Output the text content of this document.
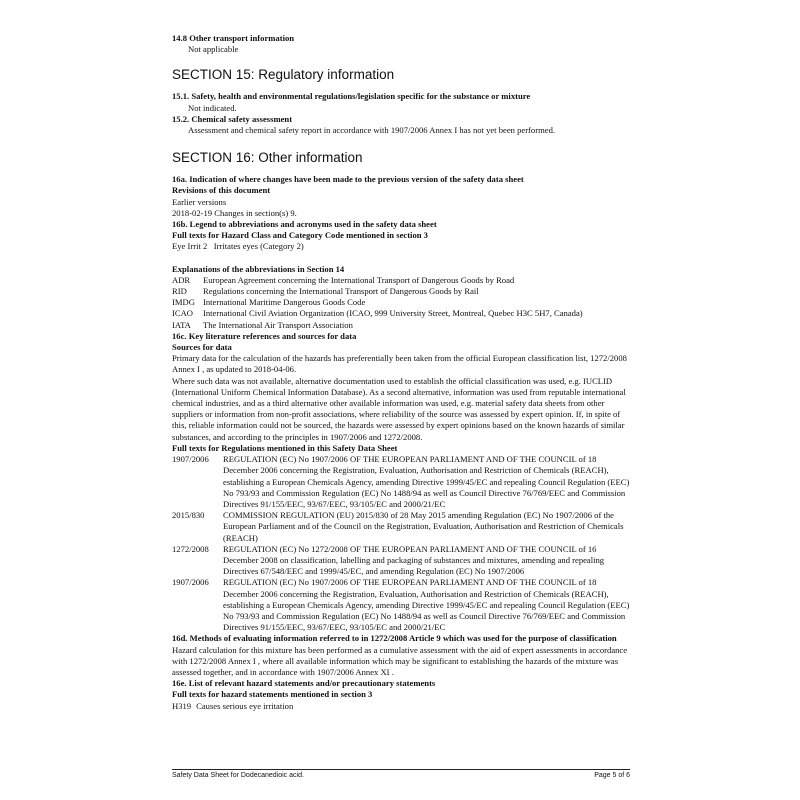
14.8 Other transport information
Not applicable
SECTION 15: Regulatory information
15.1. Safety, health and environmental regulations/legislation specific for the substance or mixture
Not indicated.
15.2. Chemical safety assessment
Assessment and chemical safety report in accordance with 1907/2006 Annex I has not yet been performed.
SECTION 16: Other information
16a. Indication of where changes have been made to the previous version of the safety data sheet
Revisions of this document
Earlier versions
2018-02-19 Changes in section(s) 9.
16b. Legend to abbreviations and acronyms used in the safety data sheet
Full texts for Hazard Class and Category Code mentioned in section 3
Eye Irrit 2 Irritates eyes (Category 2)
Explanations of the abbreviations in Section 14
ADR	European Agreement concerning the International Transport of Dangerous Goods by Road
RID	Regulations concerning the International Transport of Dangerous Goods by Rail
IMDG International Maritime Dangerous Goods Code
ICAO	International Civil Aviation Organization (ICAO, 999 University Street, Montreal, Quebec H3C 5H7, Canada)
IATA	The International Air Transport Association
16c. Key literature references and sources for data
Sources for data
Primary data for the calculation of the hazards has preferentially been taken from the official European classification list, 1272/2008 Annex I , as updated to 2018-04-06.
Where such data was not available, alternative documentation used to establish the official classification was used, e.g. IUCLID (International Uniform Chemical Information Database). As a second alternative, information was used from reputable international chemical industries, and as a third alternative other available information was used, e.g. material safety data sheets from other suppliers or information from non-profit associations, where reliability of the source was assessed by expert opinion. If, in spite of this, reliable information could not be sourced, the hazards were assessed by expert opinions based on the known hazards of similar substances, and according to the principles in 1907/2006 and 1272/2008.
Full texts for Regulations mentioned in this Safety Data Sheet
1907/2006	REGULATION (EC) No 1907/2006 OF THE EUROPEAN PARLIAMENT AND OF THE COUNCIL of 18 December 2006 concerning the Registration, Evaluation, Authorisation and Restriction of Chemicals (REACH), establishing a European Chemicals Agency, amending Directive 1999/45/EC and repealing Council Regulation (EEC) No 793/93 and Commission Regulation (EC) No 1488/94 as well as Council Directive 76/769/EEC and Commission Directives 91/155/EEC, 93/67/EEC, 93/105/EC and 2000/21/EC
2015/830	COMMISSION REGULATION (EU) 2015/830 of 28 May 2015 amending Regulation (EC) No 1907/2006 of the European Parliament and of the Council on the Registration, Evaluation, Authorisation and Restriction of Chemicals (REACH)
1272/2008	REGULATION (EC) No 1272/2008 OF THE EUROPEAN PARLIAMENT AND OF THE COUNCIL of 16 December 2008 on classification, labelling and packaging of substances and mixtures, amending and repealing Directives 67/548/EEC and 1999/45/EC, and amending Regulation (EC) No 1907/2006
1907/2006	REGULATION (EC) No 1907/2006 OF THE EUROPEAN PARLIAMENT AND OF THE COUNCIL of 18 December 2006 concerning the Registration, Evaluation, Authorisation and Restriction of Chemicals (REACH), establishing a European Chemicals Agency, amending Directive 1999/45/EC and repealing Council Regulation (EEC) No 793/93 and Commission Regulation (EC) No 1488/94 as well as Council Directive 76/769/EEC and Commission Directives 91/155/EEC, 93/67/EEC, 93/105/EC and 2000/21/EC
16d. Methods of evaluating information referred to in 1272/2008 Article 9 which was used for the purpose of classification
Hazard calculation for this mixture has been performed as a cumulative assessment with the aid of expert assessments in accordance with 1272/2008 Annex I , where all available information which may be significant to establishing the hazards of the mixture was assessed together, and in accordance with 1907/2006 Annex XI .
16e. List of relevant hazard statements and/or precautionary statements
Full texts for hazard statements mentioned in section 3
H319 Causes serious eye irritation
Safety Data Sheet for Dodecanedioic acid.	Page 5 of 6
